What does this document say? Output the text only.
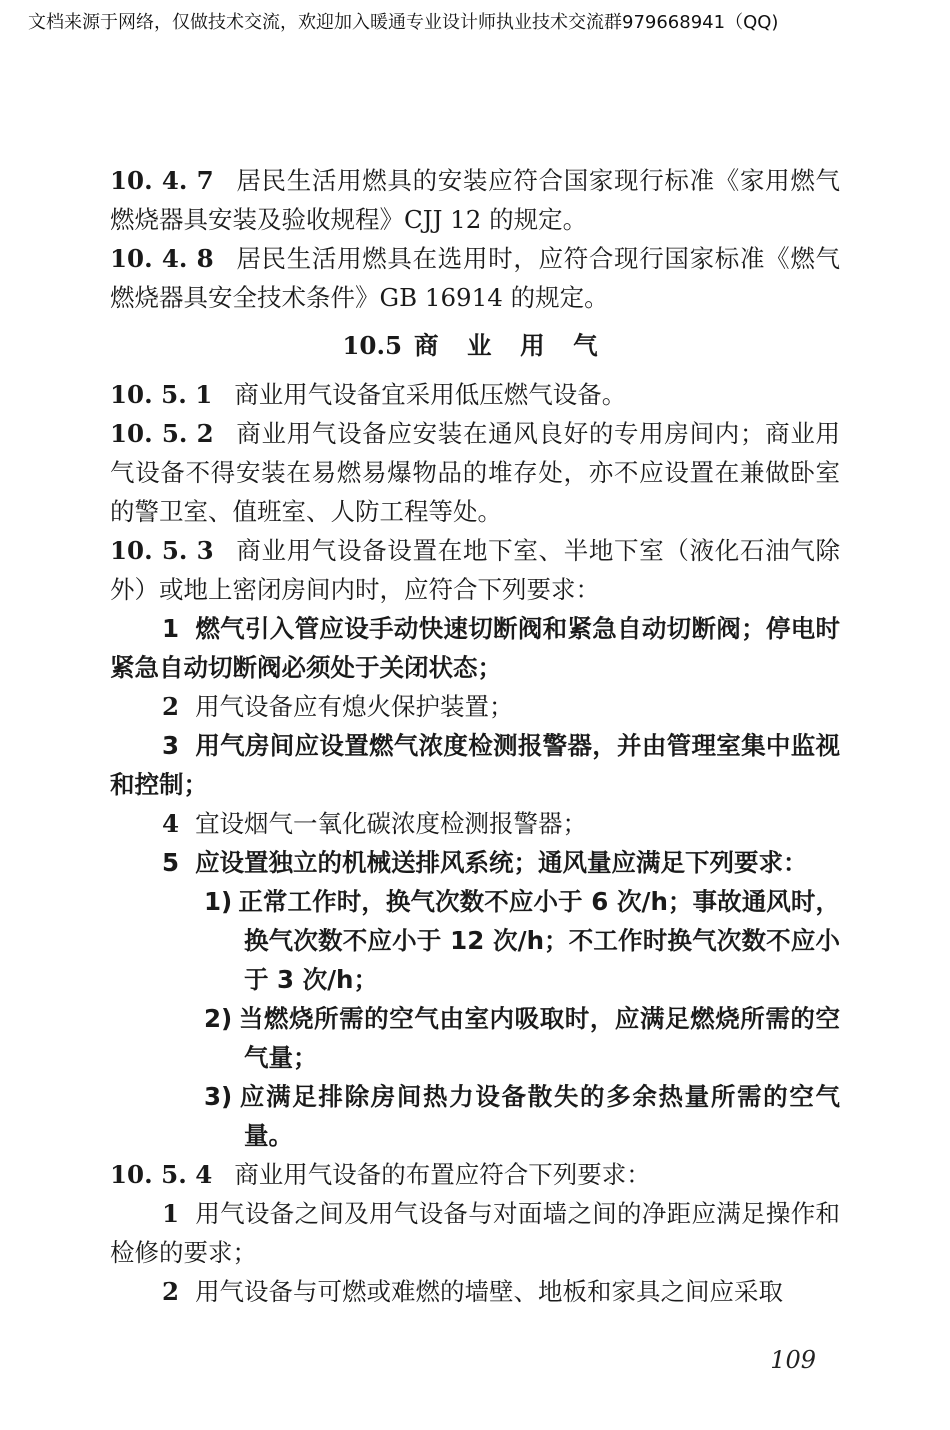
文档来源于网络，仅做技术交流，欢迎加入暖通专业设计师执业技术交流群979668941（QQ)

10. 4. 7 居民生活用燃具的安装应符合国家现行标准《家用燃气燃烧器具安装及验收规程》CJJ 12 的规定。

10. 4. 8 居民生活用燃具在选用时，应符合现行国家标准《燃气燃烧器具安全技术条件》GB 16914 的规定。

10.5 商 业 用 气

10. 5. 1 商业用气设备宜采用低压燃气设备。

10. 5. 2 商业用气设备应安装在通风良好的专用房间内；商业用气设备不得安装在易燃易爆物品的堆存处，亦不应设置在兼做卧室的警卫室、值班室、人防工程等处。

10. 5. 3 商业用气设备设置在地下室、半地下室（液化石油气除外）或地上密闭房间内时，应符合下列要求：

1 燃气引入管应设手动快速切断阀和紧急自动切断阀；停电时紧急自动切断阀必须处于关闭状态；

2 用气设备应有熄火保护装置；

3 用气房间应设置燃气浓度检测报警器，并由管理室集中监视和控制；

4 宜设烟气一氧化碳浓度检测报警器；

5 应设置独立的机械送排风系统；通风量应满足下列要求：

1) 正常工作时，换气次数不应小于 6 次/h；事故通风时，换气次数不应小于 12 次/h；不工作时换气次数不应小于 3 次/h；

2) 当燃烧所需的空气由室内吸取时，应满足燃烧所需的空气量；

3) 应满足排除房间热力设备散失的多余热量所需的空气量。

10. 5. 4 商业用气设备的布置应符合下列要求：

1 用气设备之间及用气设备与对面墙之间的净距应满足操作和检修的要求；

2 用气设备与可燃或难燃的墙壁、地板和家具之间应采取

109
